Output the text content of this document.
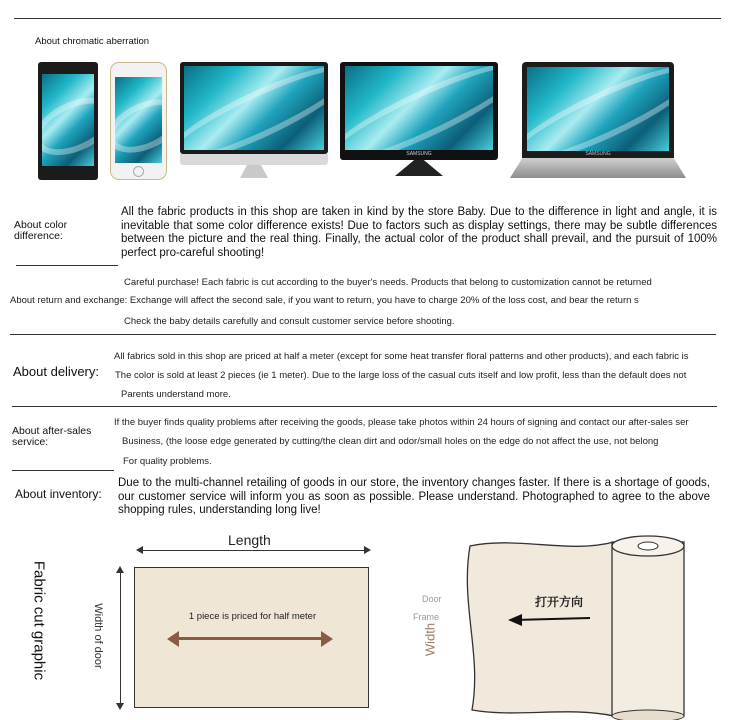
About chromatic aberration
SAMSUNG	SAMSUNG
About color difference:
All the fabric products in this shop are taken in kind by the store Baby. Due to the difference in light and angle, it is inevitable that some color difference exists! Due to factors such as display settings, there may be subtle differences between the picture and the real thing. Finally, the actual color of the product shall prevail, and the pursuit of 100% perfect pro-careful shooting!
Careful purchase! Each fabric is cut according to the buyer's needs. Products that belong to customization cannot be returned
About return and exchange: Exchange will affect the second sale, if you want to return, you have to charge 20% of the loss cost, and bear the return s
Check the baby details carefully and consult customer service before shooting.
All fabrics sold in this shop are priced at half a meter (except for some heat transfer floral patterns and other products), and each fabric is
About delivery: The color is sold at least 2 pieces (ie 1 meter). Due to the large loss of the casual cuts itself and low profit, less than the default does not
Parents understand more.
If the buyer finds quality problems after receiving the goods, please take photos within 24 hours of signing and contact our after-sales ser
About after-sales service:	Business, (the loose edge generated by cutting/the clean dirt and odor/small holes on the edge do not affect the use, not belong
For quality problems.
About inventory:
Due to the multi-channel retailing of goods in our store, the inventory changes faster. If there is a shortage of goods, our customer service will inform you as soon as possible. Please understand. Photographed to agree to the above shopping rules, understanding long live!
Fabric cut graphic
Length
Width of door	1 piece is priced for half meter
Door
Frame
Width
打开方向
